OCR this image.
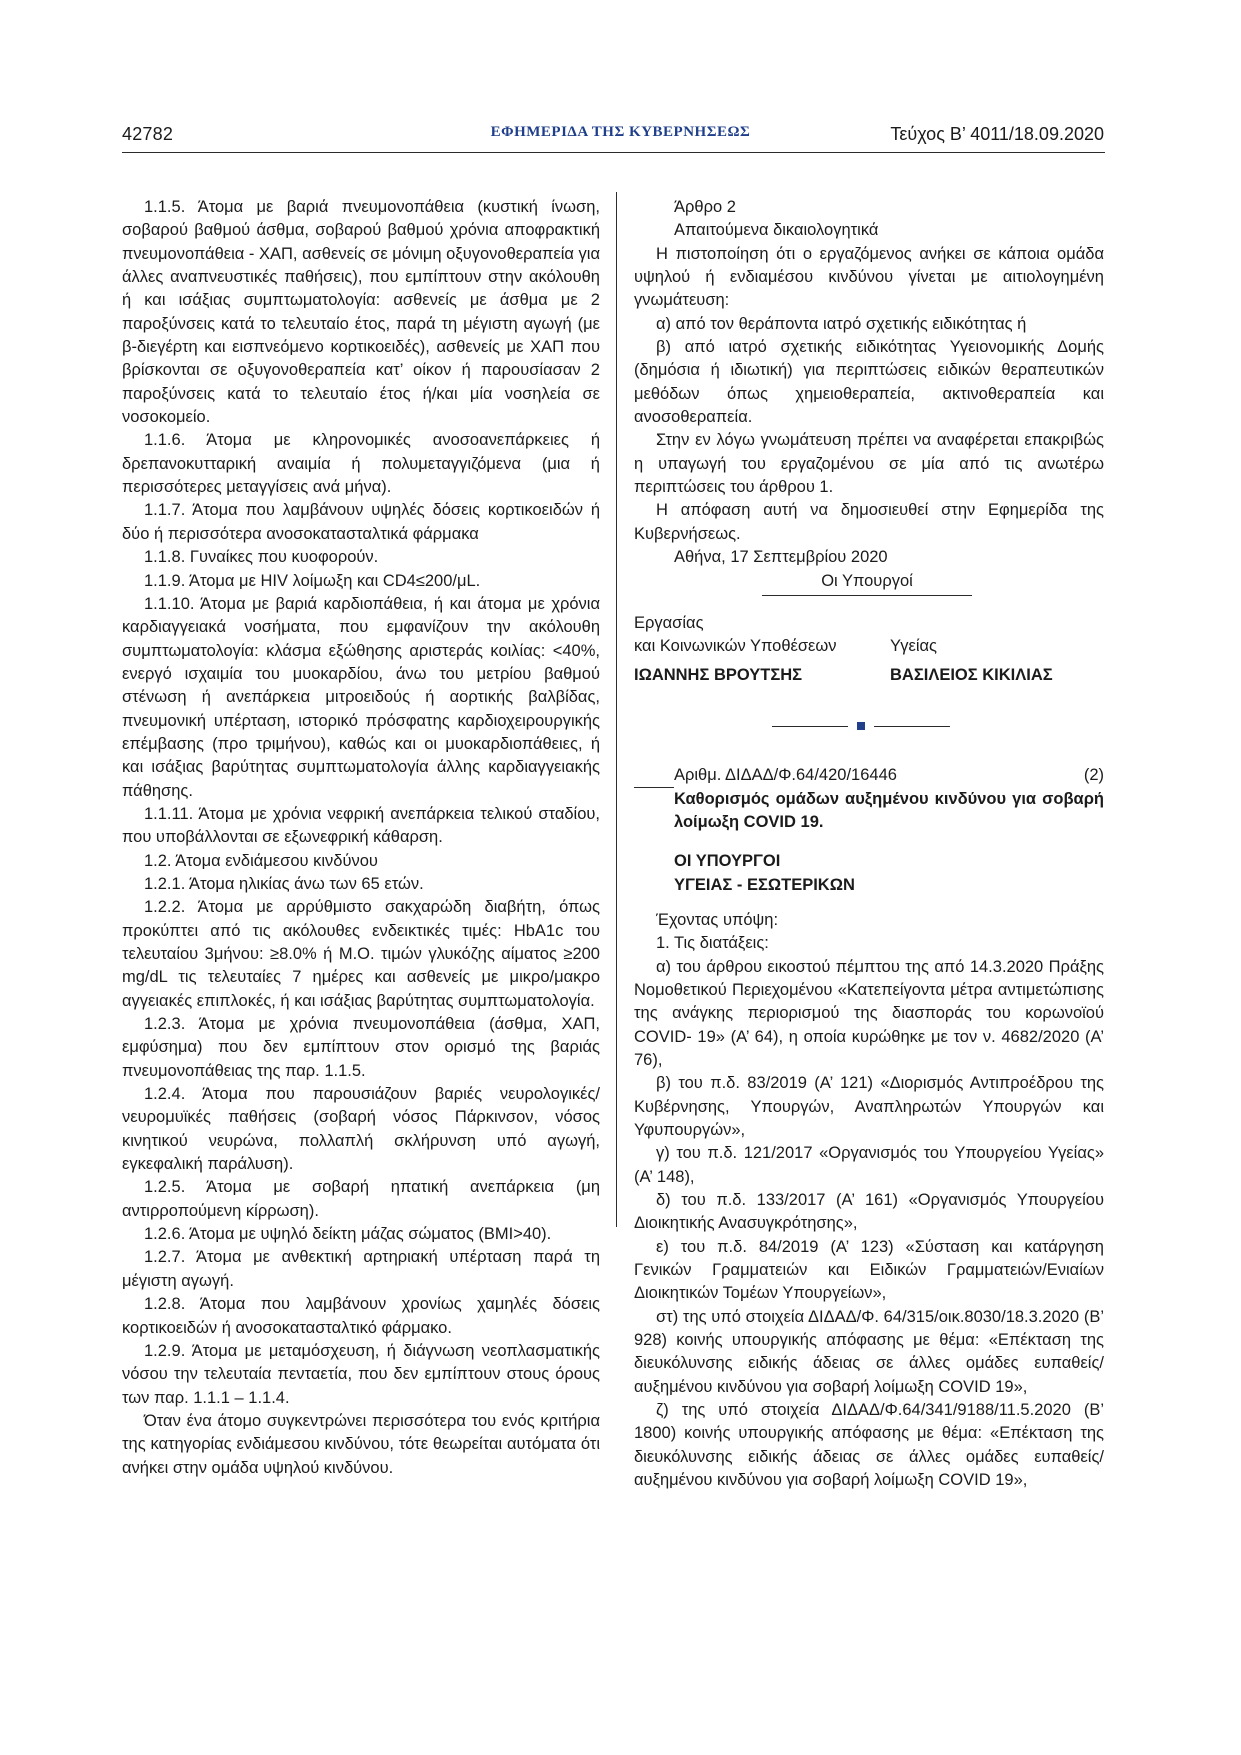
42782	ΕΦΗΜΕΡΙΔΑ ΤΗΣ ΚΥΒΕΡΝΗΣΕΩΣ	Τεύχος B’ 4011/18.09.2020

1.1.5. Άτομα με βαριά πνευμονοπάθεια (κυστική ίνωση, σοβαρού βαθμού άσθμα, σοβαρού βαθμού χρόνια αποφρακτική πνευμονοπάθεια - ΧΑΠ, ασθενείς σε μόνιμη οξυγονοθεραπεία για άλλες αναπνευστικές παθήσεις), που εμπίπτουν στην ακόλουθη ή και ισάξιας συμπτωματολογία: ασθενείς με άσθμα με 2 παροξύνσεις κατά το τελευταίο έτος, παρά τη μέγιστη αγωγή (με β-διεγέρτη και εισπνεόμενο κορτικοειδές), ασθενείς με ΧΑΠ που βρίσκονται σε οξυγονοθεραπεία κατ’ οίκον ή παρουσίασαν 2 παροξύνσεις κατά το τελευταίο έτος ή/και μία νοσηλεία σε νοσοκομείο.

1.1.6. Άτομα με κληρονομικές ανοσοανεπάρκειες ή δρεπανοκυτταρική αναιμία ή πολυμεταγγιζόμενα (μια ή περισσότερες μεταγγίσεις ανά μήνα).

1.1.7. Άτομα που λαμβάνουν υψηλές δόσεις κορτικοειδών ή δύο ή περισσότερα ανοσοκατασταλτικά φάρμακα

1.1.8. Γυναίκες που κυοφορούν.

1.1.9. Άτομα με HIV λοίμωξη και CD4≤200/μL.

1.1.10. Άτομα με βαριά καρδιοπάθεια, ή και άτομα με χρόνια καρδιαγγειακά νοσήματα, που εμφανίζουν την ακόλουθη συμπτωματολογία: κλάσμα εξώθησης αριστεράς κοιλίας: <40%, ενεργό ισχαιμία του μυοκαρδίου, άνω του μετρίου βαθμού στένωση ή ανεπάρκεια μιτροειδούς ή αορτικής βαλβίδας, πνευμονική υπέρταση, ιστορικό πρόσφατης καρδιοχειρουργικής επέμβασης (προ τριμήνου), καθώς και οι μυοκαρδιοπάθειες, ή και ισάξιας βαρύτητας συμπτωματολογία άλλης καρδιαγγειακής πάθησης.

1.1.11. Άτομα με χρόνια νεφρική ανεπάρκεια τελικού σταδίου, που υποβάλλονται σε εξωνεφρική κάθαρση.

1.2. Άτομα ενδιάμεσου κινδύνου

1.2.1. Άτομα ηλικίας άνω των 65 ετών.

1.2.2. Άτομα με αρρύθμιστο σακχαρώδη διαβήτη, όπως προκύπτει από τις ακόλουθες ενδεικτικές τιμές: HbA1c του τελευταίου 3μήνου: ≥8.0% ή Μ.Ο. τιμών γλυκόζης αίματος ≥200 mg/dL τις τελευταίες 7 ημέρες και ασθενείς με μικρο/μακρο αγγειακές επιπλοκές, ή και ισάξιας βαρύτητας συμπτωματολογία.

1.2.3. Άτομα με χρόνια πνευμονοπάθεια (άσθμα, ΧΑΠ, εμφύσημα) που δεν εμπίπτουν στον ορισμό της βαριάς πνευμονοπάθειας της παρ. 1.1.5.

1.2.4. Άτομα που παρουσιάζουν βαριές νευρολογικές/νευρομυϊκές παθήσεις (σοβαρή νόσος Πάρκινσον, νόσος κινητικού νευρώνα, πολλαπλή σκλήρυνση υπό αγωγή, εγκεφαλική παράλυση).

1.2.5. Άτομα με σοβαρή ηπατική ανεπάρκεια (μη αντιρροπούμενη κίρρωση).

1.2.6. Άτομα με υψηλό δείκτη μάζας σώματος (BMI>40).

1.2.7. Άτομα με ανθεκτική αρτηριακή υπέρταση παρά τη μέγιστη αγωγή.

1.2.8. Άτομα που λαμβάνουν χρονίως χαμηλές δόσεις κορτικοειδών ή ανοσοκατασταλτικό φάρμακο.

1.2.9. Άτομα με μεταμόσχευση, ή διάγνωση νεοπλασματικής νόσου την τελευταία πενταετία, που δεν εμπίπτουν στους όρους των παρ. 1.1.1 – 1.1.4.

Όταν ένα άτομο συγκεντρώνει περισσότερα του ενός κριτήρια της κατηγορίας ενδιάμεσου κινδύνου, τότε θεωρείται αυτόματα ότι ανήκει στην ομάδα υψηλού κινδύνου.

Άρθρο 2

Απαιτούμενα δικαιολογητικά

Η πιστοποίηση ότι ο εργαζόμενος ανήκει σε κάποια ομάδα υψηλού ή ενδιαμέσου κινδύνου γίνεται με αιτιολογημένη γνωμάτευση:

α) από τον θεράποντα ιατρό σχετικής ειδικότητας ή

β) από ιατρό σχετικής ειδικότητας Υγειονομικής Δομής (δημόσια ή ιδιωτική) για περιπτώσεις ειδικών θεραπευτικών μεθόδων όπως χημειοθεραπεία, ακτινοθεραπεία και ανοσοθεραπεία.

Στην εν λόγω γνωμάτευση πρέπει να αναφέρεται επακριβώς η υπαγωγή του εργαζομένου σε μία από τις ανωτέρω περιπτώσεις του άρθρου 1.

Η απόφαση αυτή να δημοσιευθεί στην Εφημερίδα της Κυβερνήσεως.

Αθήνα, 17 Σεπτεμβρίου 2020

Οι Υπουργοί
Εργασίας
και Κοινωνικών Υποθέσεων
ΙΩΑΝΝΗΣ ΒΡΟΥΤΣΗΣ
Υγείας
ΒΑΣΙΛΕΙΟΣ ΚΙΚΙΛΙΑΣ
Αριθμ. ΔΙΔΑΔ/Φ.64/420/16446	(2)

Καθορισμός ομάδων αυξημένου κινδύνου για σοβαρή λοίμωξη COVID 19.

ΟΙ ΥΠΟΥΡΓΟΙ
ΥΓΕΙΑΣ - ΕΣΩΤΕΡΙΚΩΝ

Έχοντας υπόψη:

1. Τις διατάξεις:

α) του άρθρου εικοστού πέμπτου της από 14.3.2020 Πράξης Νομοθετικού Περιεχομένου «Κατεπείγοντα μέτρα αντιμετώπισης της ανάγκης περιορισμού της διασποράς του κορωνοϊού COVID- 19» (Α’ 64), η οποία κυρώθηκε με τον ν. 4682/2020 (Α’ 76),

β) του π.δ. 83/2019 (Α’ 121) «Διορισμός Αντιπροέδρου της Κυβέρνησης, Υπουργών, Αναπληρωτών Υπουργών και Υφυπουργών»,

γ) του π.δ. 121/2017 «Οργανισμός του Υπουργείου Υγείας» (Α’ 148),

δ) του π.δ. 133/2017 (Α’ 161) «Οργανισμός Υπουργείου Διοικητικής Ανασυγκρότησης»,

ε) του π.δ. 84/2019 (Α’ 123) «Σύσταση και κατάργηση Γενικών Γραμματειών και Ειδικών Γραμματειών/Ενιαίων Διοικητικών Τομέων Υπουργείων»,

στ) της υπό στοιχεία ΔΙΔΑΔ/Φ. 64/315/οικ.8030/18.3.2020 (Β’ 928) κοινής υπουργικής απόφασης με θέμα: «Επέκταση της διευκόλυνσης ειδικής άδειας σε άλλες ομάδες ευπαθείς/αυξημένου κινδύνου για σοβαρή λοίμωξη COVID 19»,

ζ) της υπό στοιχεία ΔΙΔΑΔ/Φ.64/341/9188/11.5.2020 (Β’ 1800) κοινής υπουργικής απόφασης με θέμα: «Επέκταση της διευκόλυνσης ειδικής άδειας σε άλλες ομάδες ευπαθείς/αυξημένου κινδύνου για σοβαρή λοίμωξη COVID 19»,
